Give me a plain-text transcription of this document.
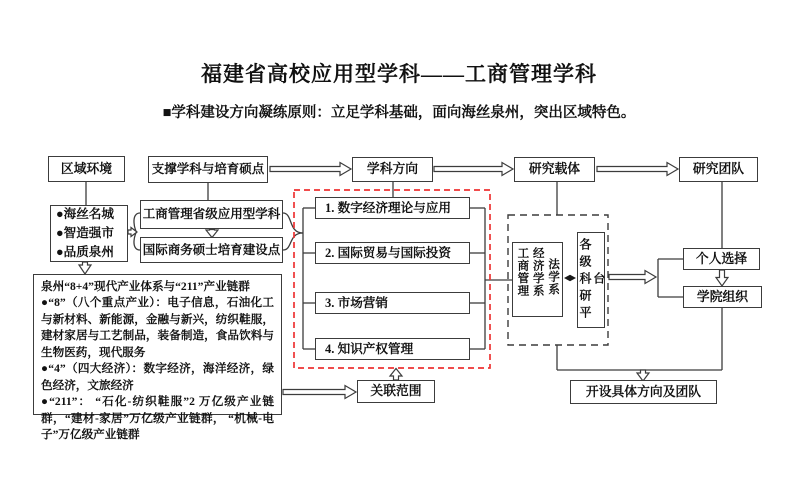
福建省高校应用型学科——工商管理学科
■学科建设方向凝练原则：立足学科基础，面向海丝泉州，突出区域特色。
区域环境	支撑学科与培育硕点	学科方向	研究载体	研究团队
●海丝名城
●智造强市
●品质泉州
工商管理省级应用型学科
国际商务硕士培育建设点
泉州“8+4”现代产业体系与“211”产业链群
●“8”（八个重点产业）：电子信息，石油化工与新材料、新能源，金融与新兴，纺织鞋服，建材家居与工艺制品，装备制造，食品饮料与生物医药，现代服务
●“4”（四大经济）：数字经济，海洋经济，绿色经济，文旅经济
●“211”： “石化-纺织鞋服”2 万亿级产业链群，“建材-家居”万亿级产业链群， “机械-电子”万亿级产业链群
1. 数字经济理论与应用
2. 国际贸易与国际投资
3. 市场营销
4. 知识产权管理
工商管理 经济学系 法学系 各级科研平台
个人选择
学院组织
开设具体方向及团队
关联范围
